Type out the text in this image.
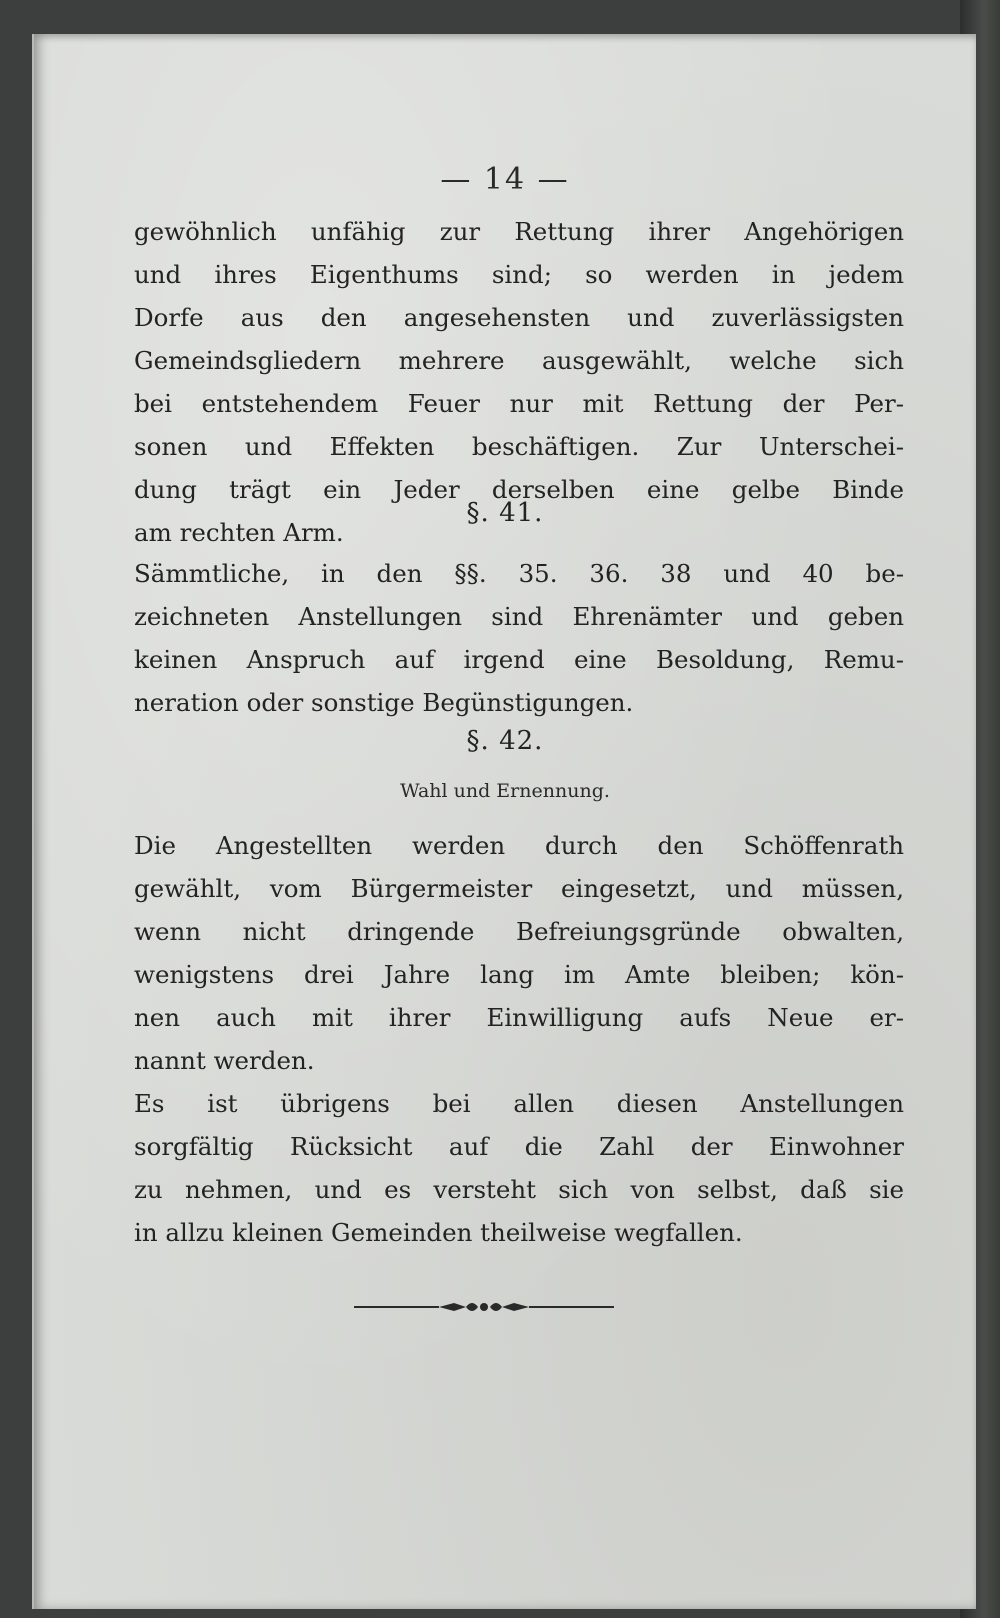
— 14 —
gewöhnlich unfähig zur Rettung ihrer Angehörigen
und ihres Eigenthums sind; so werden in jedem
Dorfe aus den angesehensten und zuverlässigsten
Gemeindsgliedern mehrere ausgewählt, welche sich
bei entstehendem Feuer nur mit Rettung der Per-
sonen und Effekten beschäftigen. Zur Unterschei-
dung trägt ein Jeder derselben eine gelbe Binde
am rechten Arm.
§. 41.
Sämmtliche, in den §§. 35. 36. 38 und 40 be-
zeichneten Anstellungen sind Ehrenämter und geben
keinen Anspruch auf irgend eine Besoldung, Remu-
neration oder sonstige Begünstigungen.
§. 42.
Wahl und Ernennung.
Die Angestellten werden durch den Schöffenrath
gewählt, vom Bürgermeister eingesetzt, und müssen,
wenn nicht dringende Befreiungsgründe obwalten,
wenigstens drei Jahre lang im Amte bleiben; kön-
nen auch mit ihrer Einwilligung aufs Neue er-
nannt werden.
Es ist übrigens bei allen diesen Anstellungen
sorgfältig Rücksicht auf die Zahl der Einwohner
zu nehmen, und es versteht sich von selbst, daß sie
in allzu kleinen Gemeinden theilweise wegfallen.
